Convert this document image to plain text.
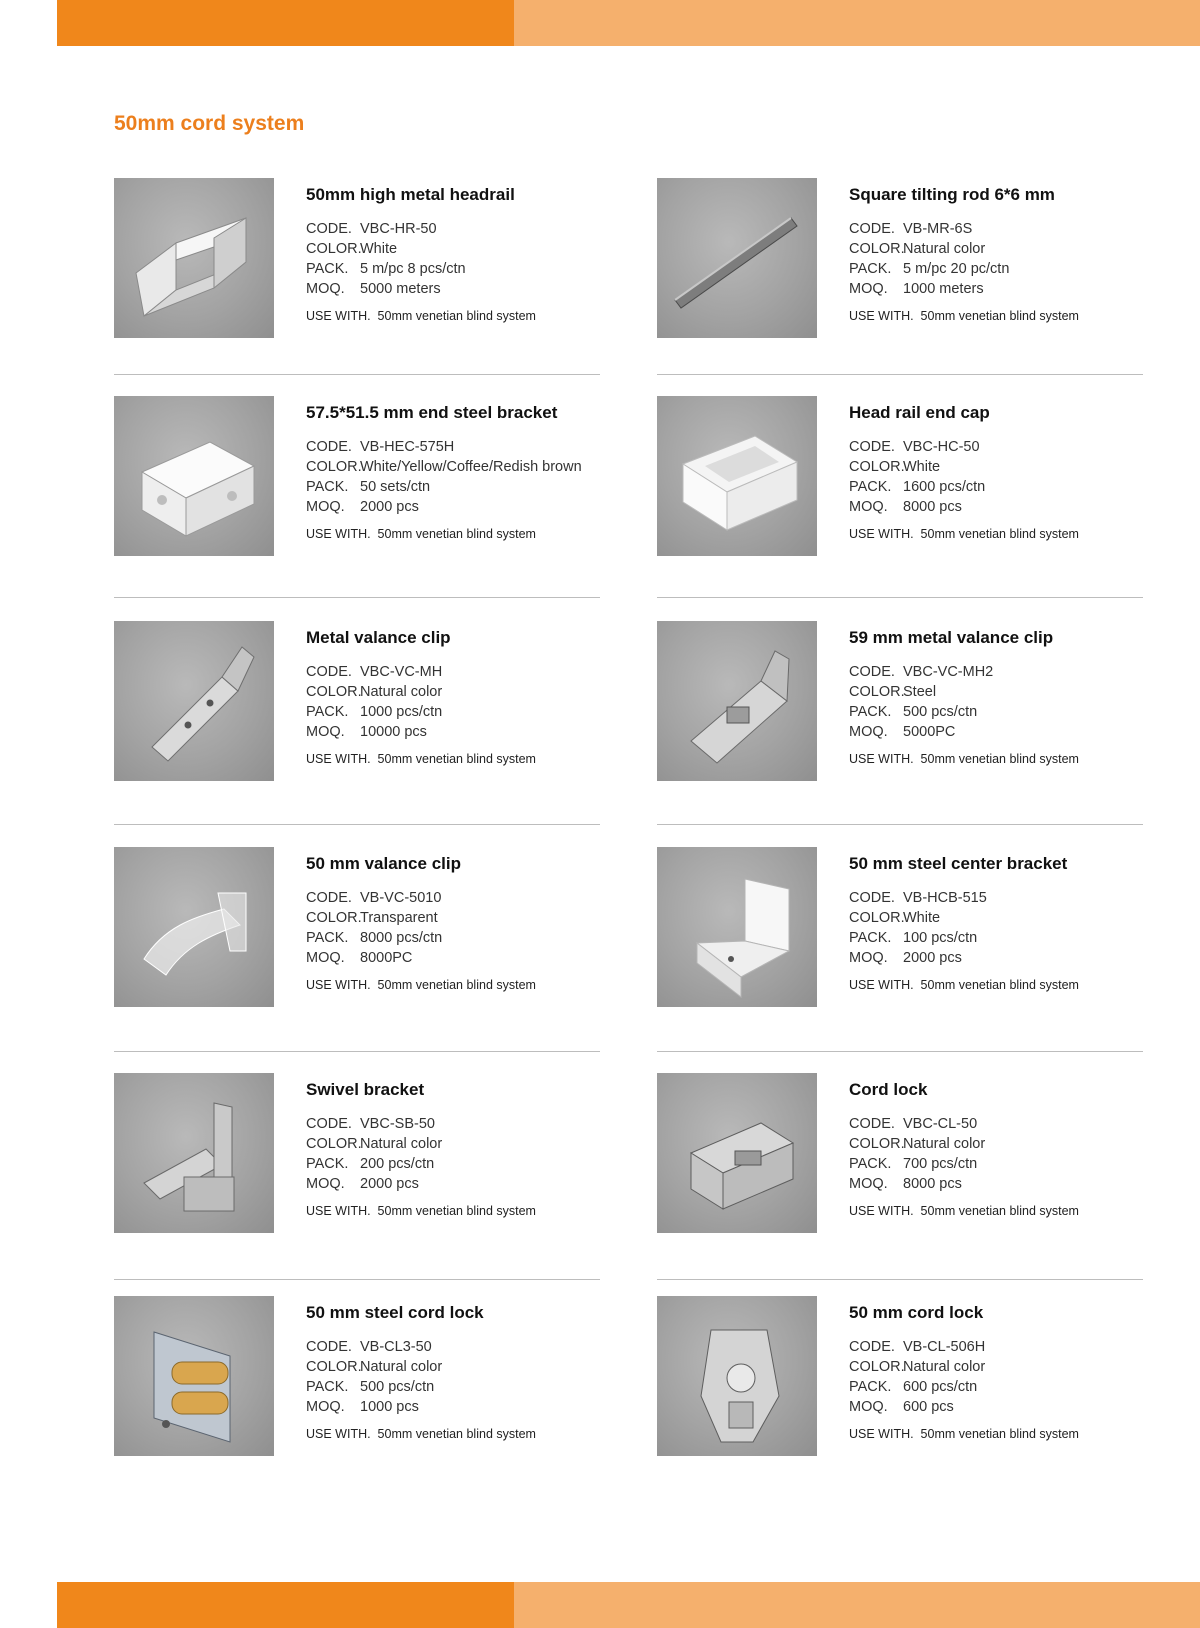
50mm cord system
50mm high metal headrail
CODE. VBC-HR-50
COLOR.White
PACK. 5 m/pc 8 pcs/ctn
MOQ. 5000 meters
USE WITH. 50mm venetian blind system
Square tilting rod 6*6 mm
CODE. VB-MR-6S
COLOR.Natural color
PACK. 5 m/pc 20 pc/ctn
MOQ. 1000 meters
USE WITH. 50mm venetian blind system
57.5*51.5 mm end steel bracket
CODE. VB-HEC-575H
COLOR.White/Yellow/Coffee/Redish brown
PACK. 50 sets/ctn
MOQ. 2000 pcs
USE WITH. 50mm venetian blind system
Head rail end cap
CODE. VBC-HC-50
COLOR.White
PACK. 1600 pcs/ctn
MOQ. 8000 pcs
USE WITH. 50mm venetian blind system
Metal valance clip
CODE. VBC-VC-MH
COLOR.Natural color
PACK. 1000 pcs/ctn
MOQ. 10000 pcs
USE WITH. 50mm venetian blind system
59 mm metal valance clip
CODE. VBC-VC-MH2
COLOR.Steel
PACK. 500 pcs/ctn
MOQ. 5000PC
USE WITH. 50mm venetian blind system
50 mm valance clip
CODE. VB-VC-5010
COLOR.Transparent
PACK. 8000 pcs/ctn
MOQ. 8000PC
USE WITH. 50mm venetian blind system
50 mm steel center bracket
CODE. VB-HCB-515
COLOR.White
PACK. 100 pcs/ctn
MOQ. 2000 pcs
USE WITH. 50mm venetian blind system
Swivel bracket
CODE. VBC-SB-50
COLOR.Natural color
PACK. 200 pcs/ctn
MOQ. 2000 pcs
USE WITH. 50mm venetian blind system
Cord lock
CODE. VBC-CL-50
COLOR.Natural color
PACK. 700 pcs/ctn
MOQ. 8000 pcs
USE WITH. 50mm venetian blind system
50 mm steel cord lock
CODE. VB-CL3-50
COLOR.Natural color
PACK. 500 pcs/ctn
MOQ. 1000 pcs
USE WITH. 50mm venetian blind system
50 mm cord lock
CODE. VB-CL-506H
COLOR.Natural color
PACK. 600 pcs/ctn
MOQ. 600 pcs
USE WITH. 50mm venetian blind system
